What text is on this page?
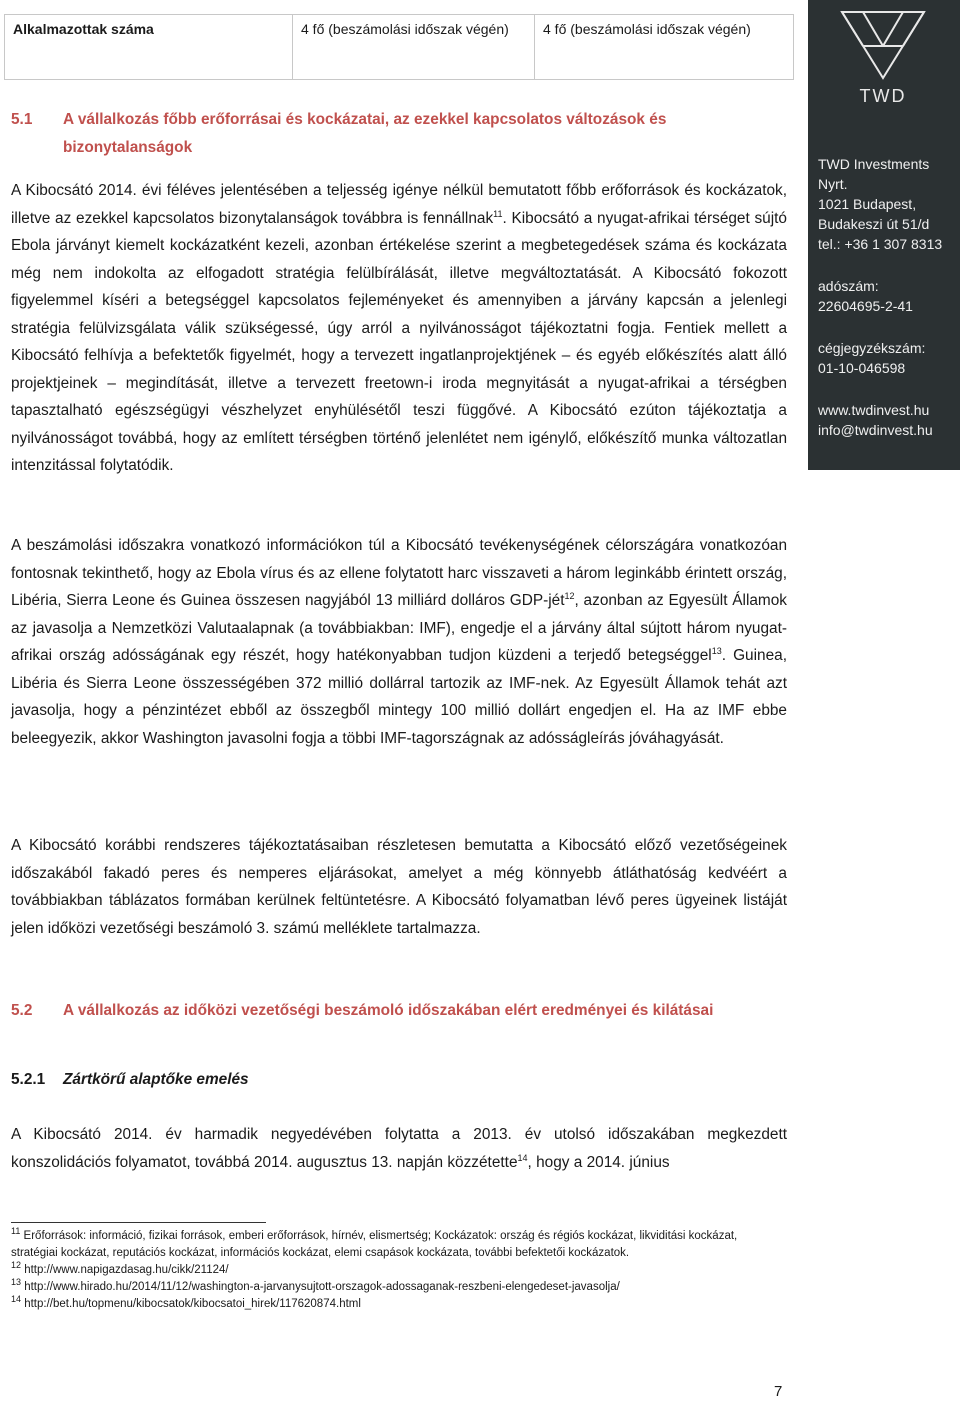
Alkalmazottak száma	4 fő (beszámolási időszak végén)	4 fő (beszámolási időszak végén)
TWD
TWD Investments Nyrt.
1021 Budapest,
Budakeszi út 51/d
tel.: +36 1 307 8313
adószám:
22604695-2-41
cégjegyzékszám:
01-10-046598
www.twdinvest.hu
info@twdinvest.hu
5.1 A vállalkozás főbb erőforrásai és kockázatai, az ezekkel kapcsolatos változások és
bizonytalanságok

A Kibocsátó 2014. évi féléves jelentésében a teljesség igénye nélkül bemutatott főbb erőforrások és kockázatok, illetve az ezekkel kapcsolatos bizonytalanságok továbbra is fennállnak$^{11}$. Kibocsátó a nyugat-afrikai térséget sújtó Ebola járványt kiemelt kockázatként kezeli, azonban értékelése szerint a megbetegedések száma és kockázata még nem indokolta az elfogadott stratégia felülbírálását, illetve megváltoztatását. A Kibocsátó fokozott figyelemmel kíséri a betegséggel kapcsolatos fejleményeket és amennyiben a járvány kapcsán a jelenlegi stratégia felülvizsgálata válik szükségessé, úgy arról a nyilvánosságot tájékoztatni fogja. Fentiek mellett a Kibocsátó felhívja a befektetők figyelmét, hogy a tervezett ingatlanprojektjének – és egyéb előkészítés alatt álló projektjeinek – megindítását, illetve a tervezett freetown-i iroda megnyitását a nyugat-afrikai a térségben tapasztalható egészségügyi vészhelyzet enyhülésétől teszi függővé. A Kibocsátó ezúton tájékoztatja a nyilvánosságot továbbá, hogy az említett térségben történő jelenlétet nem igénylő, előkészítő munka változatlan intenzitással folytatódik.

A beszámolási időszakra vonatkozó információkon túl a Kibocsátó tevékenységének célországára vonatkozóan fontosnak tekinthető, hogy az Ebola vírus és az ellene folytatott harc visszaveti a három leginkább érintett ország, Libéria, Sierra Leone és Guinea összesen nagyjából 13 milliárd dolláros GDP-jét$^{12}$, azonban az Egyesült Államok az javasolja a Nemzetközi Valutaalapnak (a továbbiakban: IMF), engedje el a járvány által sújtott három nyugat-afrikai ország adósságának egy részét, hogy hatékonyabban tudjon küzdeni a terjedő betegséggel$^{13}$. Guinea, Libéria és Sierra Leone összességében 372 millió dollárral tartozik az IMF-nek. Az Egyesült Államok tehát azt javasolja, hogy a pénzintézet ebből az összegből mintegy 100 millió dollárt engedjen el. Ha az IMF ebbe beleegyezik, akkor Washington javasolni fogja a többi IMF-tagországnak az adósságleírás jóváhagyását.

A Kibocsátó korábbi rendszeres tájékoztatásaiban részletesen bemutatta a Kibocsátó előző vezetőségeinek időszakából fakadó peres és nemperes eljárásokat, amelyet a még könnyebb átláthatóság kedvéért a továbbiakban táblázatos formában kerülnek feltüntetésre. A Kibocsátó folyamatban lévő peres ügyeinek listáját jelen időközi vezetőségi beszámoló 3. számú melléklete tartalmazza.

5.2 A vállalkozás az időközi vezetőségi beszámoló időszakában elért eredményei és kilátásai
5.2.1 Zártkörű alaptőke emelés

A Kibocsátó 2014. év harmadik negyedévében folytatta a 2013. év utolsó időszakában megkezdett konszolidációs folyamatot, továbbá 2014. augusztus 13. napján közzétette$^{14}$, hogy a 2014. június

$^{11}$ Erőforrások: információ, fizikai források, emberi erőforrások, hírnév, elismertség; Kockázatok: ország és régiós kockázat, likviditási kockázat, stratégiai kockázat, reputációs kockázat, információs kockázat, elemi csapások kockázata, további befektetői kockázatok.

$^{12}$ http://www.napigazdasag.hu/cikk/21124/

$^{13}$ http://www.hirado.hu/2014/11/12/washington-a-jarvanysujtott-orszagok-adossaganak-reszbeni-elengedeset-javasolja/

$^{14}$ http://bet.hu/topmenu/kibocsatok/kibocsatoi_hirek/117620874.html

7
